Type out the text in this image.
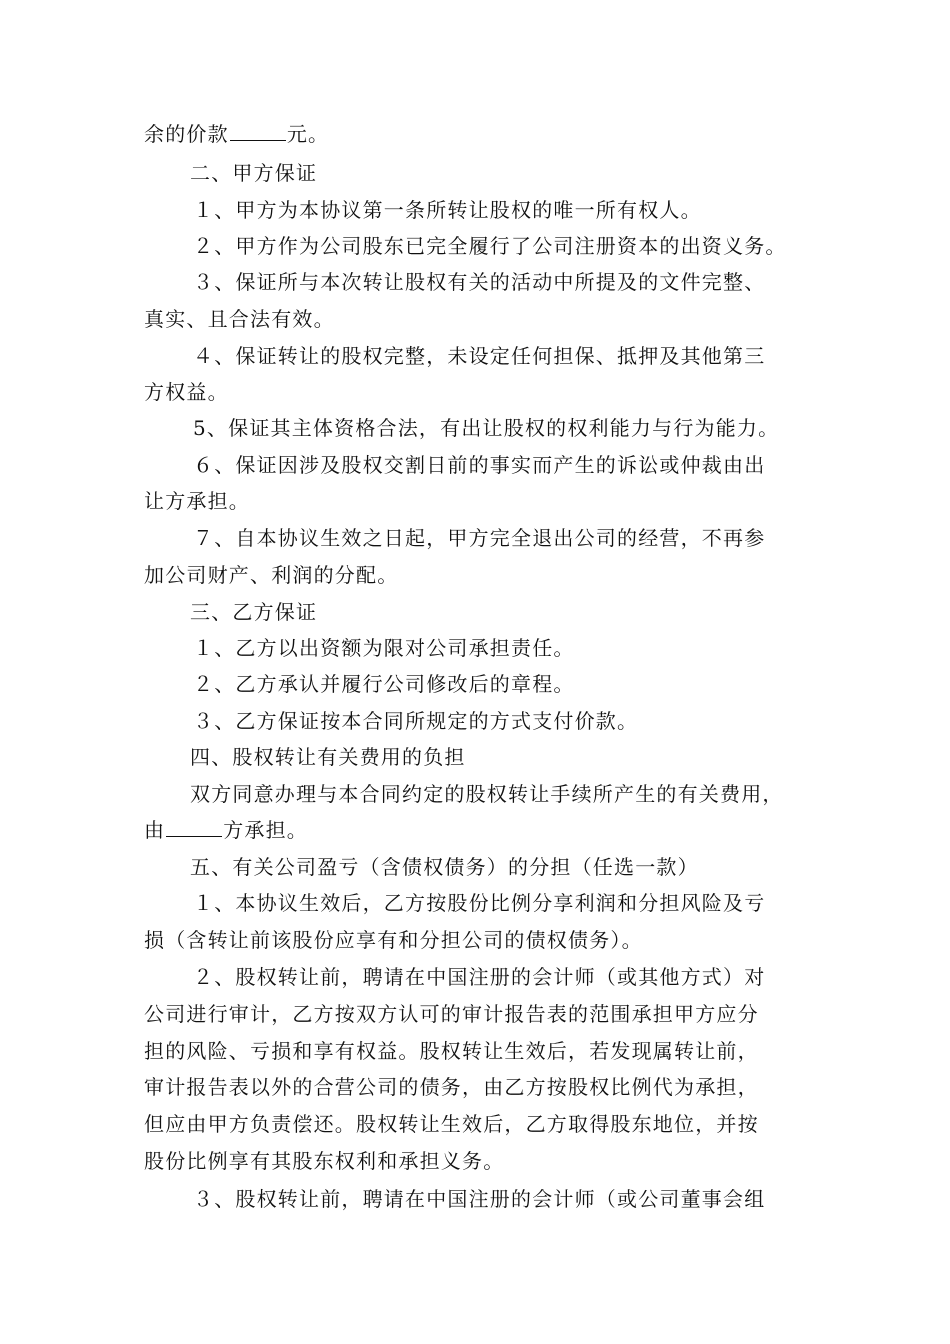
余的价款	元。
二、甲方保证
１、甲方为本协议第一条所转让股权的唯一所有权人。
２、甲方作为公司股东已完全履行了公司注册资本的出资义务。
３、保证所与本次转让股权有关的活动中所提及的文件完整、
真实、且合法有效。
４、保证转让的股权完整，未设定任何担保、抵押及其他第三
方权益。
5、保证其主体资格合法，有出让股权的权利能力与行为能力。
６、保证因涉及股权交割日前的事实而产生的诉讼或仲裁由出
让方承担。
７、自本协议生效之日起，甲方完全退出公司的经营，不再参
加公司财产、利润的分配。
三、乙方保证
１、乙方以出资额为限对公司承担责任。
２、乙方承认并履行公司修改后的章程。
３、乙方保证按本合同所规定的方式支付价款。
四、股权转让有关费用的负担
双方同意办理与本合同约定的股权转让手续所产生的有关费用，
由	方承担。
五、有关公司盈亏（含债权债务）的分担（任选一款）
１、本协议生效后，乙方按股份比例分享利润和分担风险及亏
损（含转让前该股份应享有和分担公司的债权债务）。
２、股权转让前，聘请在中国注册的会计师（或其他方式）对
公司进行审计，乙方按双方认可的审计报告表的范围承担甲方应分
担的风险、亏损和享有权益。股权转让生效后，若发现属转让前，
审计报告表以外的合营公司的债务，由乙方按股权比例代为承担，
但应由甲方负责偿还。股权转让生效后，乙方取得股东地位，并按
股份比例享有其股东权利和承担义务。
３、股权转让前，聘请在中国注册的会计师（或公司董事会组
